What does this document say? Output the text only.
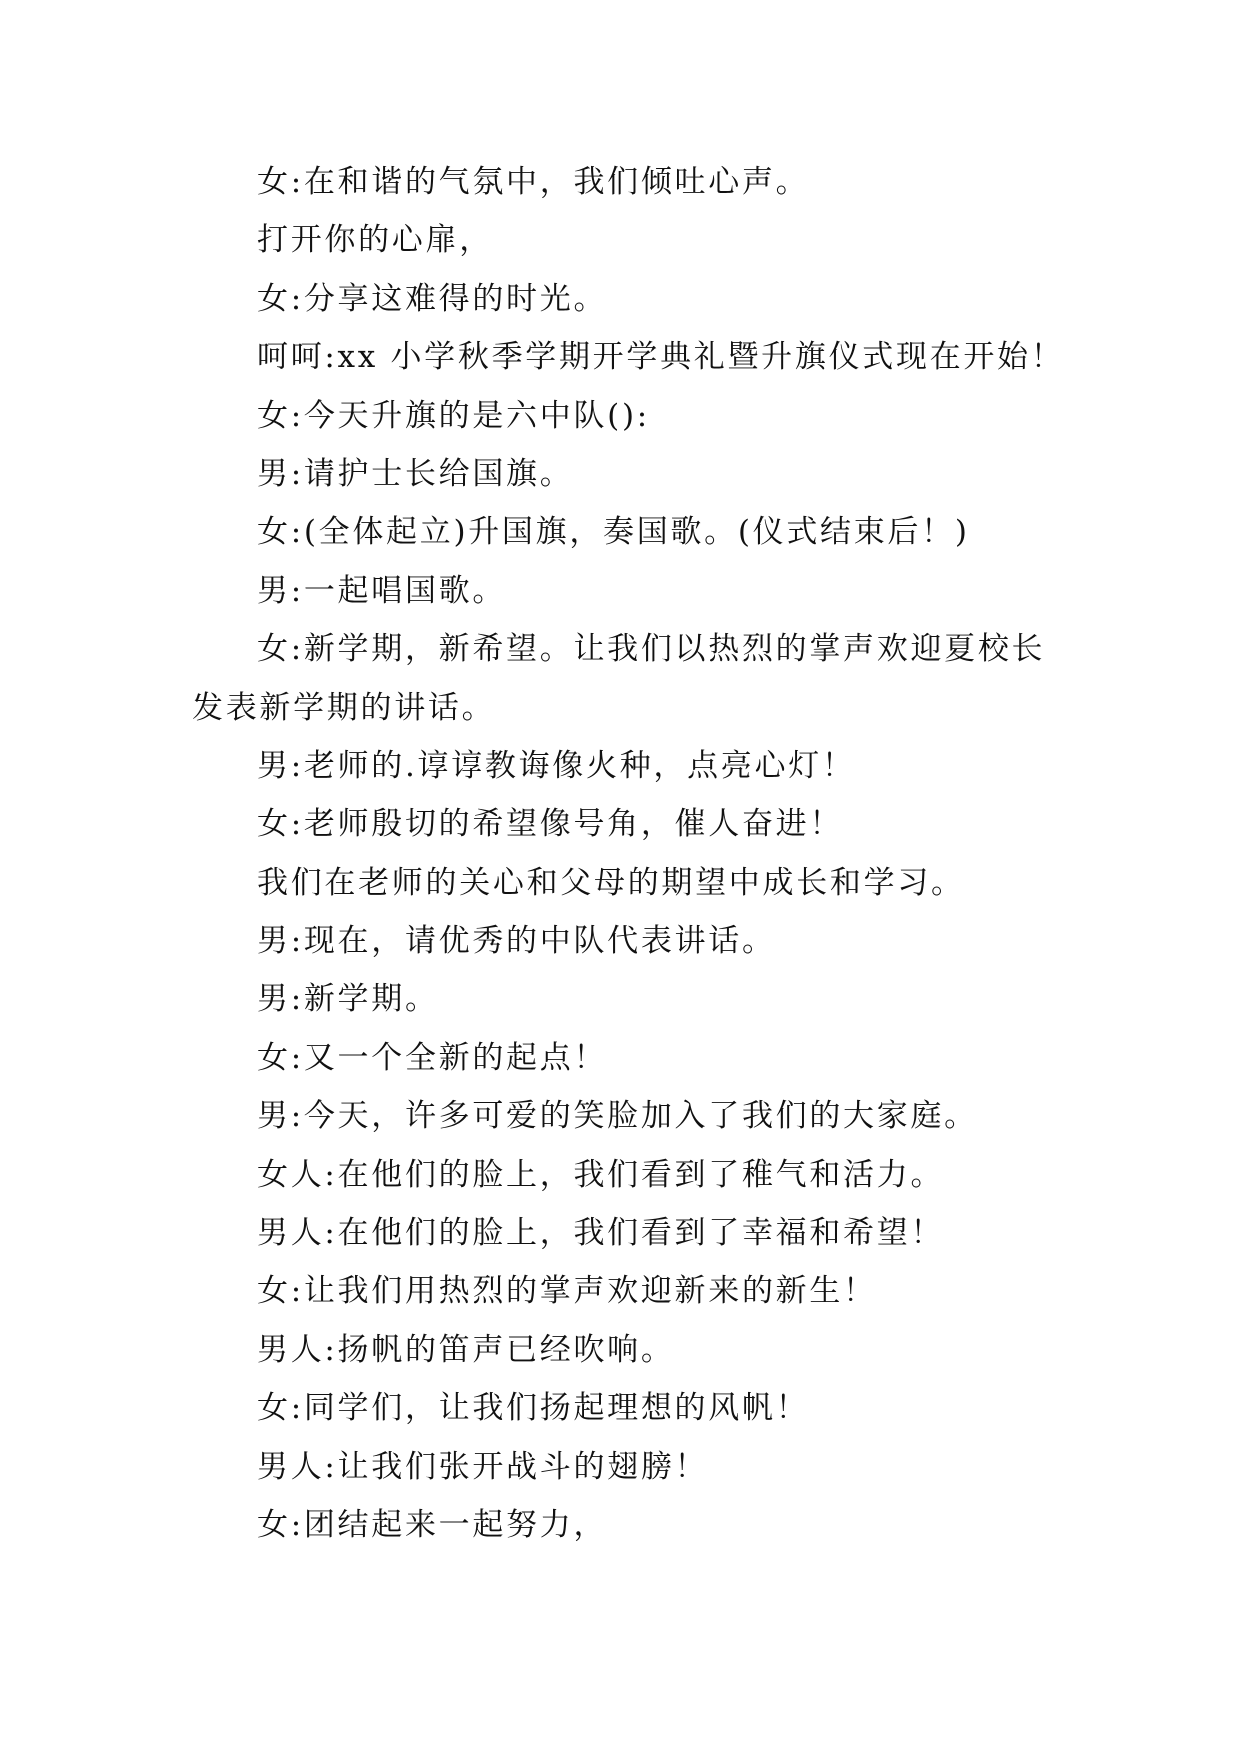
女:在和谐的气氛中，我们倾吐心声。
打开你的心扉，
女:分享这难得的时光。
呵呵:xx 小学秋季学期开学典礼暨升旗仪式现在开始！
女:今天升旗的是六中队():
男:请护士长给国旗。
女:(全体起立)升国旗，奏国歌。(仪式结束后！)
男:一起唱国歌。
女:新学期，新希望。让我们以热烈的掌声欢迎夏校长
发表新学期的讲话。
男:老师的.谆谆教诲像火种，点亮心灯！
女:老师殷切的希望像号角，催人奋进！
我们在老师的关心和父母的期望中成长和学习。
男:现在，请优秀的中队代表讲话。
男:新学期。
女:又一个全新的起点！
男:今天，许多可爱的笑脸加入了我们的大家庭。
女人:在他们的脸上，我们看到了稚气和活力。
男人:在他们的脸上，我们看到了幸福和希望！
女:让我们用热烈的掌声欢迎新来的新生！
男人:扬帆的笛声已经吹响。
女:同学们，让我们扬起理想的风帆！
男人:让我们张开战斗的翅膀！
女:团结起来一起努力，
